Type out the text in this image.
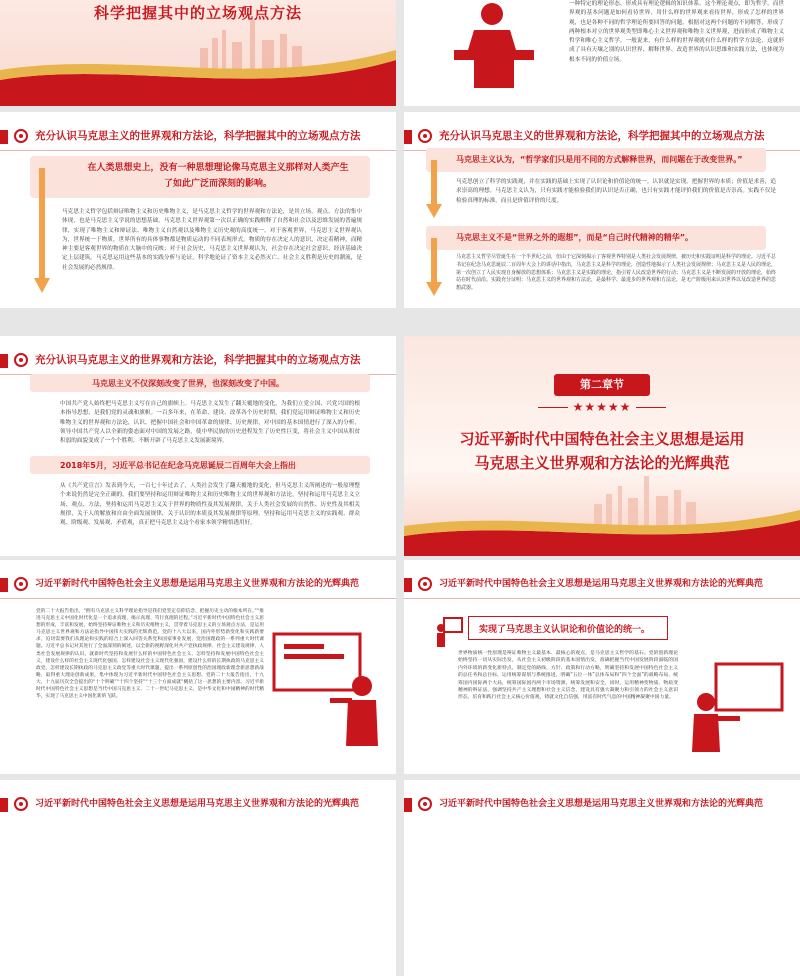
科学把握其中的立场观点方法	一种特定的理论形态、形成具有理论逻辑的知识体系。这个理论观点，即为哲学。而世界观的基本问题是如何看待世界，用什么样的世界观来看待世界，形成了怎样的世界观，也是各种不同的哲学理论所要回答的问题。根据对这两个问题的不同解答，形成了两种根本对立的世界观类型即唯心主义世界观和唯物主义世界观，进而形成了唯物主义哲学和唯心主义哲学。一般说来，有什么样的世界观就有什么样的哲学方法论，这就形成了具有天壤之别的认识世界、解释世界、改造世界的认识思维和实践方法，也体现为根本不同的价值立场。
充分认识马克思主义的世界观和方法论，科学把握其中的立场观点方法
在人类思想史上，没有一种思想理论像马克思主义那样对人类产生了如此广泛而深刻的影响。
马克思主义哲学包括辩证唯物主义和历史唯物主义，是马克思主义哲学的世界观和方法论，是其立场、观点、方法的集中体现，也是马克思主义学说的思想基础。马克思主义世界观第一次以正确的实践解释了自然和社会以及思维发展的普遍规律，实现了唯物主义和辩证法、唯物主义自然观以及唯物主义历史观的高度统一。对于客观世界，马克思主义世界观认为，世界统一于物质，世界所有的具体事物都是物质运动的不同表现形式。物质的存在决定人的意识，决定着精神，而精神主要是客观世界的物质在大脑中的反映；对于社会历史，马克思主义世界观认为，社会存在决定社会意识，经济基础决定上层建筑。马克思运用这些基本的实践分析与论证，科学地论证了资本主义必然灭亡、社会主义胜利是历史的潮流，是社会发展的必然规律。
充分认识马克思主义的世界观和方法论，科学把握其中的立场观点方法
马克思主义认为，“哲学家们只是用不同的方式解释世界，而问题在于改变世界。”
马克思创立了科学的实践观，并在实践的基础上实现了认识论和价值论的统一。认识就是实现，把握世界的本质；价值是求善，追求崇高的理想。马克思主义认为，只有实践才能检验我们的认识是否正确，也只有实践才能评价我们的价值是否崇高。实践不仅是检验真理的标准，而且是价值评价的尺度。
马克思主义不是“世界之外的遐想”，而是“自己时代精神的精华”。
马克思主义哲学尽管诞生在一个半世纪之前，但由于它深刻揭示了客观世界特别是人类社会发展规律，被历史和实践证明是科学的理论。习近平总书记在纪念马克思诞辰二百周年大会上的讲话中指出，马克思主义是科学的理论，创造性地揭示了人类社会发展规律；马克思主义是人民的理论，第一次创立了人民实现自身解放的思想体系；马克思主义是实践的理论，指引着人民改造世界的行动；马克思主义是不断发展的开放的理论，始终站在时代前沿。实践充分证明：马克思主义的世界观和方法论，是最科学、最进步的世界观和方法论，是无产阶级用来认识世界以及改造世界的思想武器。
充分认识马克思主义的世界观和方法论，科学把握其中的立场观点方法
马克思主义不仅深刻改变了世界，也深刻改变了中国。
中国共产党人始终把马克思主义写在自己的旗帜上。马克思主义发生了翻天覆地的变化，为我们立党立国、兴党兴国的根本指导思想，是我们党的灵魂和旗帜。一百多年来，在革命、建设、改革各个历史时期，我们党运用辩证唯物主义和历史唯物主义的世界观和方法论，认识、把握中国社会和中国革命的规律、历史规律，对中国的基本国情进行了深入的分析，领导中国共产党人以全新的姿态面对中国的发展之路，使中华民族的历史进程发生了历史性巨变，将社会主义中国从积贫积弱的面貌变成了一个个胜利。不断开辟了马克思主义发展新境界。
2018年5月，习近平总书记在纪念马克思诞辰二百周年大会上指出
从《共产党宣言》发表到今天，一百七十年过去了，人类社会发生了翻天覆地的变化，但马克思主义所阐述的一般原理整个来说仍然是完全正确的。我们要坚持和运用辩证唯物主义和历史唯物主义的世界观和方法论，坚持和运用马克思主义立场、观点、方法，坚持和运用马克思主义关于世界的物质性及其发展规律，关于人类社会发展的自然性、历史性及其相关规律，关于人的解放和自由全面发展规律，关于认识的本质及其发展规律等原理，坚持和运用马克思主义的实践观、群众观、阶级观、发展观、矛盾观，真正把马克思主义这个看家本领学精悟透用好。
第二章节
★★★★★
习近平新时代中国特色社会主义思想是运用
马克思主义世界观和方法论的光辉典范
习近平新时代中国特色社会主义思想是运用马克思主义世界观和方法论的光辉典范
党的二十大报告指出，“拥有马克思主义科学理论指导是我们党坚定信仰信念、把握历史主动的根本所在。”“推进马克思主义中国化时代化是一个追求真理、揭示真理、笃行真理的过程。”习近平新时代中国特色社会主义思想的形成，丰富和发展，始终坚持辩证唯物主义和历史唯物主义，贯穿着马克思主义的立场观点方法，是运用马克思主义世界观和方法论指导中国伟大实践的光辉典范。党的十八大以来，国内外形势新变化和实践新要求，迫切需要我们从理论和实践的结合上深入回答关系党和国家事业发展、党治国理政的一系列重大时代课题。习近平总书记对其进行了全面深刻的阐述，以全新的视野深化对共产党执政规律、社会主义建设规律、人类社会发展规律的认识，就新时代坚持和发展什么样的中国特色社会主义、怎样坚持和发展中国特色社会主义，建设什么样的社会主义现代化强国、怎样建设社会主义现代化强国，建设什么样的长期执政的马克思主义政党、怎样建设长期执政的马克思主义政党等重大时代课题，提出一系列原创性的治国理政新理念新思想新战略，取得重大理论创新成果，集中体现为习近平新时代中国特色社会主义思想。党的二十大报告指出，十九大、十九届历次全会提出的“十个明确”“十四个坚持”“十三个方面成就”概括了这一思想的主要内容。习近平新时代中国特色社会主义思想是当代中国马克思主义、二十一世纪马克思主义，是中华文化和中国精神的时代精华，实现了马克思主义中国化新的飞跃。
习近平新时代中国特色社会主义思想是运用马克思主义世界观和方法论的光辉典范
实现了马克思主义认识论和价值论的统一。
世界物质统一性原理是辩证唯物主义最基本、最核心的观点，是马克思主义哲学的基石。党的创新理论始终坚持一切从实际出发，从社会主义初级阶段的基本国情出发，准确把握当代中国发展阶段面临的国内外环境的新变化新特点，制定党的路线、方针、政策和行动方略，明确坚持和发展中国特色社会主义的总任务和总目标，运用统筹谋划与系统推进，明确“五位一体”总体布局和“四个全面”的战略布局，统筹国内国际两个大局，统筹国际国内两个市场资源，统筹发展和安全，同时，运用精神变物质、物质变精神的辩证法，强调坚持共产主义理想和社会主义信念，建设具有强大凝聚力和引领力的社会主义意识形态，培育和践行社会主义核心价值观，铸就文化自信强，用富有时代气息的中国精神凝聚中国力量。
习近平新时代中国特色社会主义思想是运用马克思主义世界观和方法论的光辉典范	习近平新时代中国特色社会主义思想是运用马克思主义世界观和方法论的光辉典范
